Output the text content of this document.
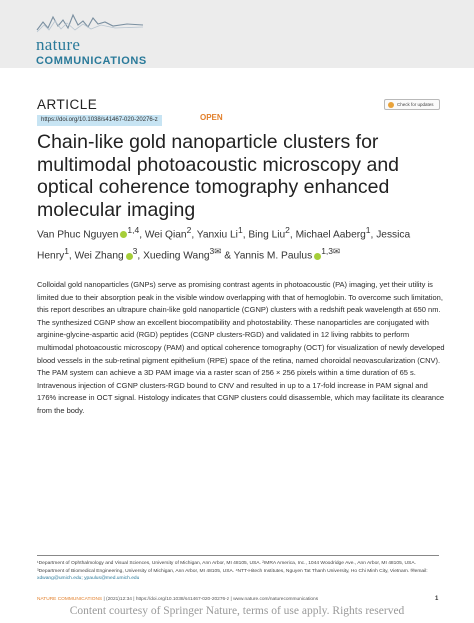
nature
COMMUNICATIONS
ARTICLE	Check for updates
https://doi.org/10.1038/s41467-020-20276-z	OPEN
Chain-like gold nanoparticle clusters for multimodal photoacoustic microscopy and optical coherence tomography enhanced molecular imaging
Van Phuc Nguyen $^{1,4}$, Wei Qian$^2$, Yanxiu Li$^1$, Bing Liu$^2$, Michael Aaberg$^1$, Jessica Henry$^1$, Wei Zhang $^3$, Xueding Wang$^{3✉}$ & Yannis M. Paulus $^{1,3✉}$

Colloidal gold nanoparticles (GNPs) serve as promising contrast agents in photoacoustic (PA) imaging, yet their utility is limited due to their absorption peak in the visible window overlapping with that of hemoglobin. To overcome such limitation, this report describes an ultrapure chain-like gold nanoparticle (CGNP) clusters with a redshift peak wavelength at 650 nm. The synthesized CGNP show an excellent biocompatibility and photostability. These nanoparticles are conjugated with arginine-glycine-aspartic acid (RGD) peptides (CGNP clusters-RGD) and validated in 12 living rabbits to perform multimodal photoacoustic microscopy (PAM) and optical coherence tomography (OCT) for visualization of newly developed blood vessels in the sub-retinal pigment epithelium (RPE) space of the retina, named choroidal neovascularization (CNV). The PAM system can achieve a 3D PAM image via a raster scan of 256 × 256 pixels within a time duration of 65 s. Intravenous injection of CGNP clusters-RGD bound to CNV and resulted in up to a 17-fold increase in PAM signal and 176% increase in OCT signal. Histology indicates that CGNP clusters could disassemble, which may facilitate its clearance from the body.

¹Department of Ophthalmology and Visual Sciences, University of Michigan, Ann Arbor, MI 48105, USA. ²IMRA America, Inc., 1044 Woodridge Ave., Ann Arbor, MI 48105, USA. ³Department of Biomedical Engineering, University of Michigan, Ann Arbor, MI 48105, USA. ⁴NTT-Hitech Institutes, Nguyen Tat Thanh University, Ho Chi Minh City, Vietnam. ✉email: xdwang@umich.edu; ypaulus@med.umich.edu
NATURE COMMUNICATIONS | (2021)12:34 | https://doi.org/10.1038/s41467-020-20276-z | www.nature.com/naturecommunications	1
Content courtesy of Springer Nature, terms of use apply. Rights reserved
